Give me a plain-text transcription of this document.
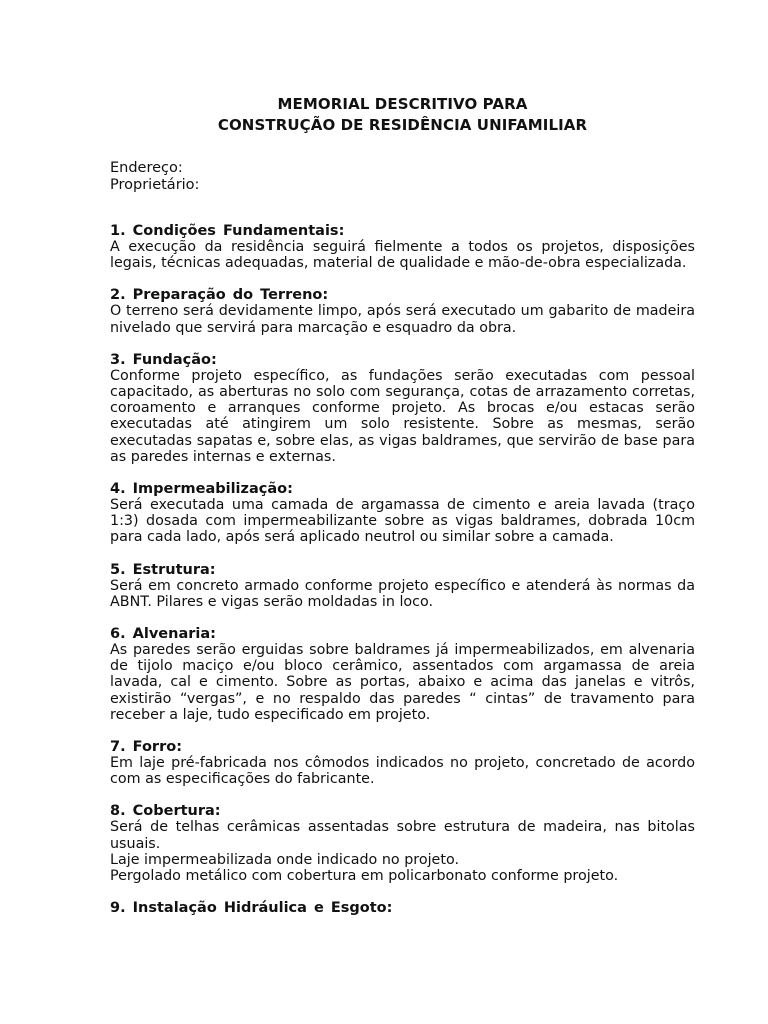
MEMORIAL DESCRITIVO PARA
CONSTRUÇÃO DE RESIDÊNCIA UNIFAMILIAR

Endereço:

Proprietário:

1. Condições Fundamentais:

A execução da residência seguirá fielmente a todos os projetos, disposições legais, técnicas adequadas, material de qualidade e mão-de-obra especializada.

2. Preparação do Terreno:

O terreno será devidamente limpo, após será executado um gabarito de madeira nivelado que servirá para marcação e esquadro da obra.

3. Fundação:

Conforme projeto específico, as fundações serão executadas com pessoal capacitado, as aberturas no solo com segurança, cotas de arrazamento corretas, coroamento e arranques conforme projeto. As brocas e/ou estacas serão executadas até atingirem um solo resistente. Sobre as mesmas, serão executadas sapatas e, sobre elas, as vigas baldrames, que servirão de base para as paredes internas e externas.

4. Impermeabilização:

Será executada uma camada de argamassa de cimento e areia lavada (traço 1:3) dosada com impermeabilizante sobre as vigas baldrames, dobrada 10cm para cada lado, após será aplicado neutrol ou similar sobre a camada.

5. Estrutura:

Será em concreto armado conforme projeto específico e atenderá às normas da ABNT. Pilares e vigas serão moldadas in loco.

6. Alvenaria:

As paredes serão erguidas sobre baldrames já impermeabilizados, em alvenaria de tijolo maciço e/ou bloco cerâmico, assentados com argamassa de areia lavada, cal e cimento. Sobre as portas, abaixo e acima das janelas e vitrôs, existirão “vergas”, e no respaldo das paredes “ cintas” de travamento para receber a laje, tudo especificado em projeto.

7. Forro:

Em laje pré-fabricada nos cômodos indicados no projeto, concretado de acordo com as especificações do fabricante.

8. Cobertura:

Será de telhas cerâmicas assentadas sobre estrutura de madeira, nas bitolas usuais.

Laje impermeabilizada onde indicado no projeto.

Pergolado metálico com cobertura em policarbonato conforme projeto.

9. Instalação Hidráulica e Esgoto:
